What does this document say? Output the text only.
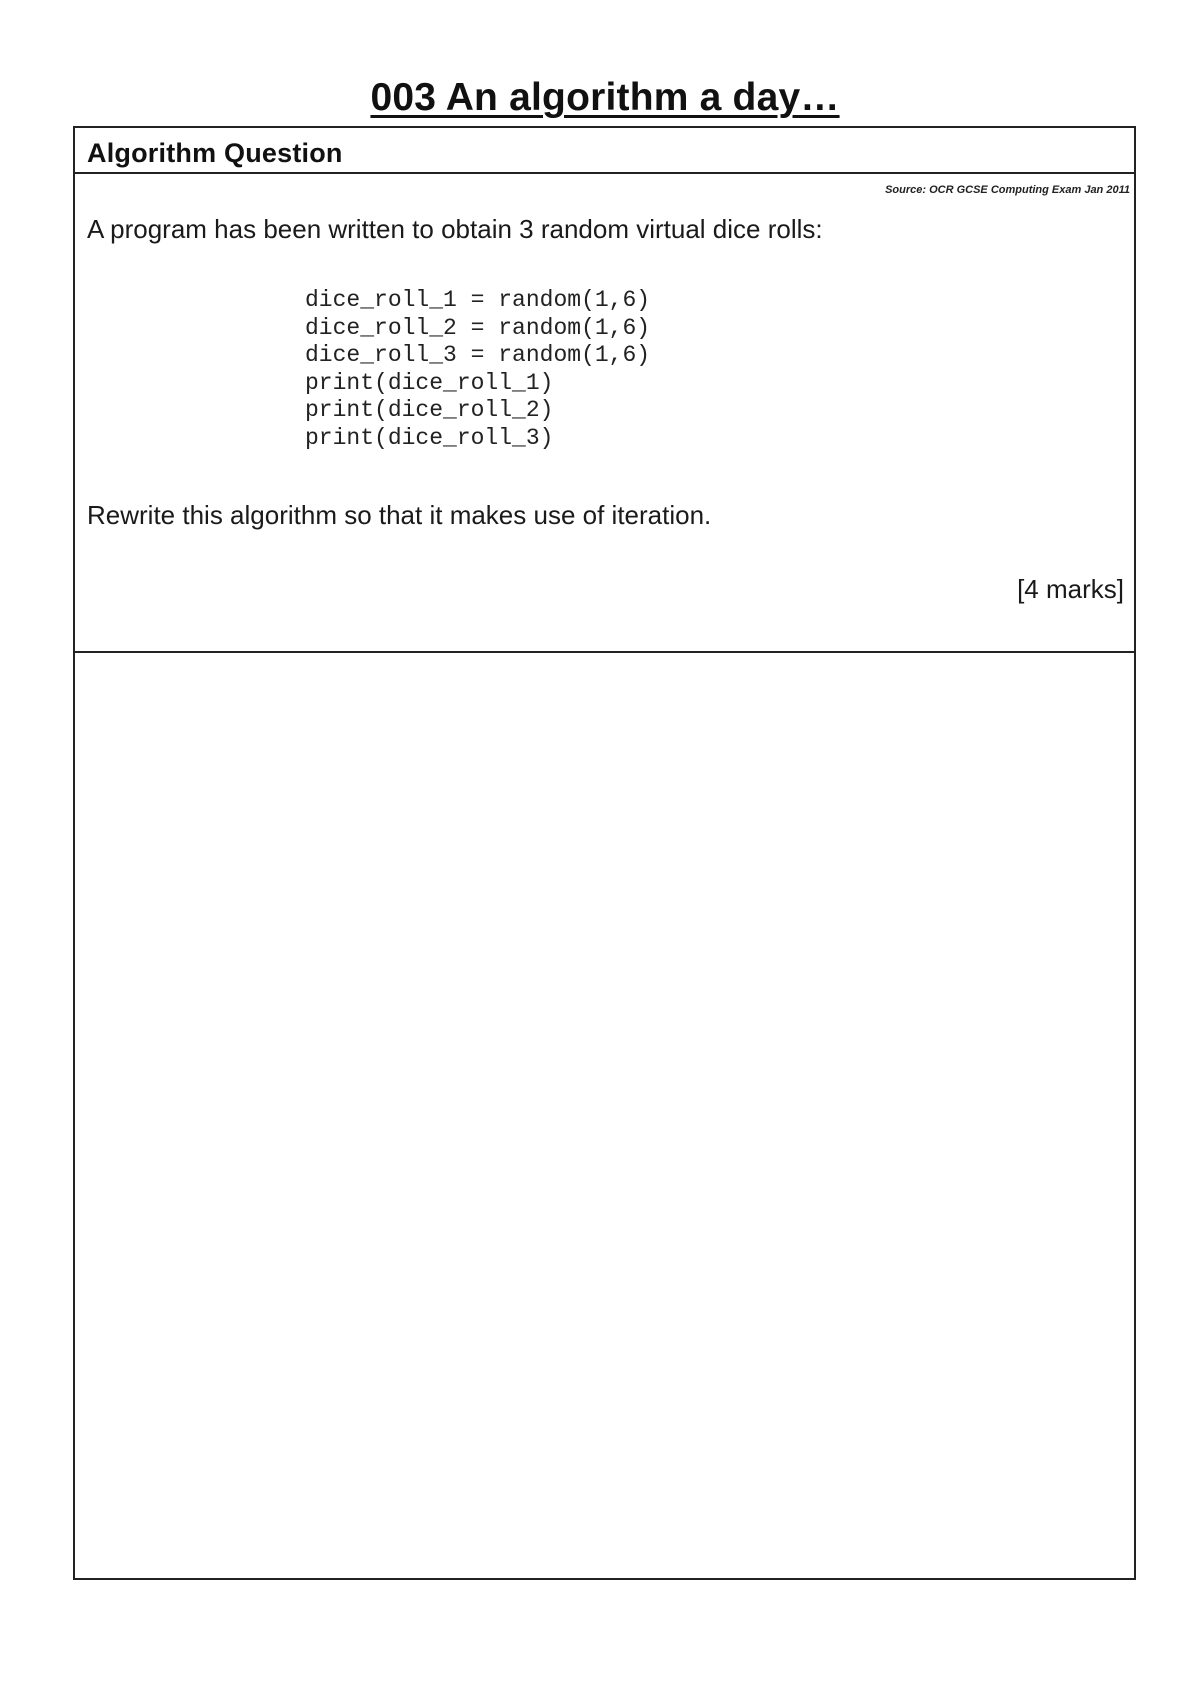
003 An algorithm a day…
Algorithm Question
Source: OCR GCSE Computing Exam Jan 2011
A program has been written to obtain 3 random virtual dice rolls:
dice_roll_1 = random(1,6)
dice_roll_2 = random(1,6)
dice_roll_3 = random(1,6)
print(dice_roll_1)
print(dice_roll_2)
print(dice_roll_3)
Rewrite this algorithm so that it makes use of iteration.
[4 marks]
